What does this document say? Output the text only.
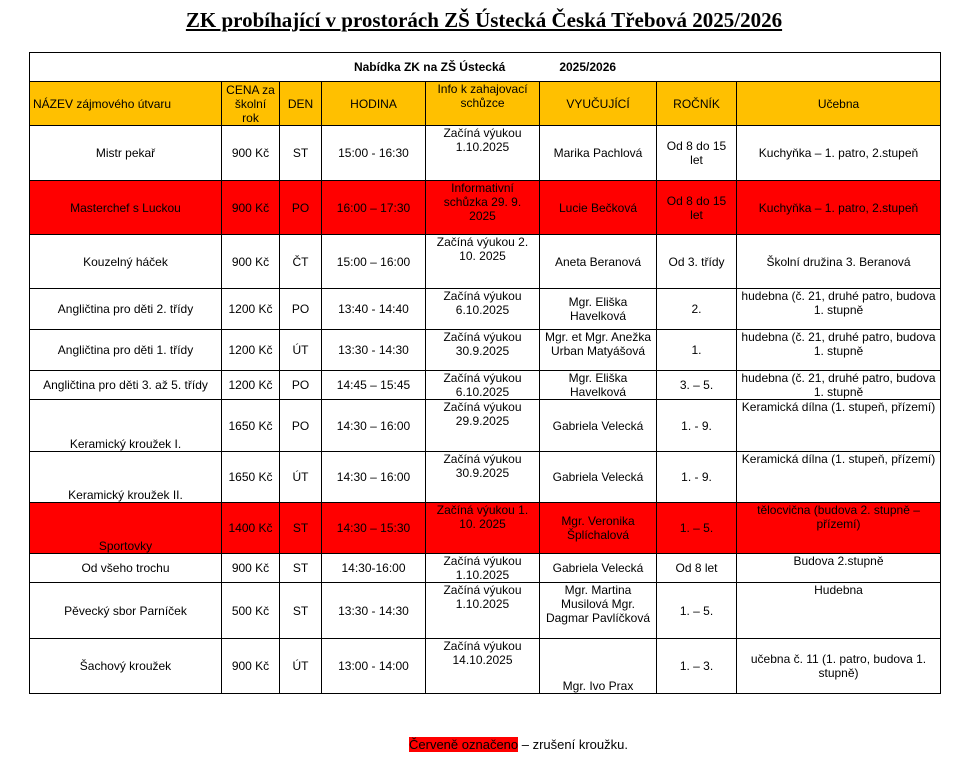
ZK probíhající v prostorách ZŠ Ústecká Česká Třebová 2025/2026
Nabídka ZK na ZŠ Ústecká 2025/2026							
NÁZEV zájmového útvaru	CENA za školní rok	DEN	HODINA	Info k zahajovací schůzce	VYUČUJÍCÍ	ROČNÍK	Učebna
Mistr pekař	900 Kč	ST	15:00 - 16:30	Začíná výukou 1.10.2025	Marika Pachlová	Od 8 do 15 let	Kuchyňka – 1. patro, 2.stupeň
Masterchef s Luckou	900 Kč	PO	16:00 – 17:30	Informativní schůzka 29. 9. 2025	Lucie Bečková	Od 8 do 15 let	Kuchyňka – 1. patro, 2.stupeň
Kouzelný háček	900 Kč	ČT	15:00 – 16:00	Začíná výukou 2. 10. 2025	Aneta Beranová	Od 3. třídy	Školní družina 3. Beranová
Angličtina pro děti 2. třídy	1200 Kč	PO	13:40 - 14:40	Začíná výukou 6.10.2025	Mgr. Eliška Havelková	2.	hudebna (č. 21, druhé patro, budova 1. stupně
Angličtina pro děti 1. třídy	1200 Kč	ÚT	13:30 - 14:30	Začíná výukou 30.9.2025	Mgr. et Mgr. Anežka Urban Matyášová	1.	hudebna (č. 21, druhé patro, budova 1. stupně
Angličtina pro děti 3. až 5. třídy	1200 Kč	PO	14:45 – 15:45	Začíná výukou 6.10.2025	Mgr. Eliška Havelková	3. – 5.	hudebna (č. 21, druhé patro, budova 1. stupně
Keramický kroužek I.	1650 Kč	PO	14:30 – 16:00	Začíná výukou 29.9.2025	Gabriela Velecká	1. - 9.	Keramická dílna (1. stupeň, přízemí)
Keramický kroužek II.	1650 Kč	ÚT	14:30 – 16:00	Začíná výukou 30.9.2025	Gabriela Velecká	1. - 9.	Keramická dílna (1. stupeň, přízemí)
Sportovky	1400 Kč	ST	14:30 – 15:30	Začíná výukou 1. 10. 2025	Mgr. Veronika Šplíchalová	1. – 5.	tělocvična (budova 2. stupně – přízemí)
Od všeho trochu	900 Kč	ST	14:30-16:00	Začíná výukou 1.10.2025	Gabriela Velecká	Od 8 let	Budova 2.stupně
Pěvecký sbor Parníček	500 Kč	ST	13:30 - 14:30	Začíná výukou 1.10.2025	Mgr. Martina Musilová Mgr. Dagmar Pavlíčková	1. – 5.	Hudebna
Šachový kroužek	900 Kč	ÚT	13:00 - 14:00	Začíná výukou 14.10.2025	Mgr. Ivo Prax	1. – 3.	učebna č. 11 (1. patro, budova 1. stupně)
Červeně označeno – zrušení kroužku.
